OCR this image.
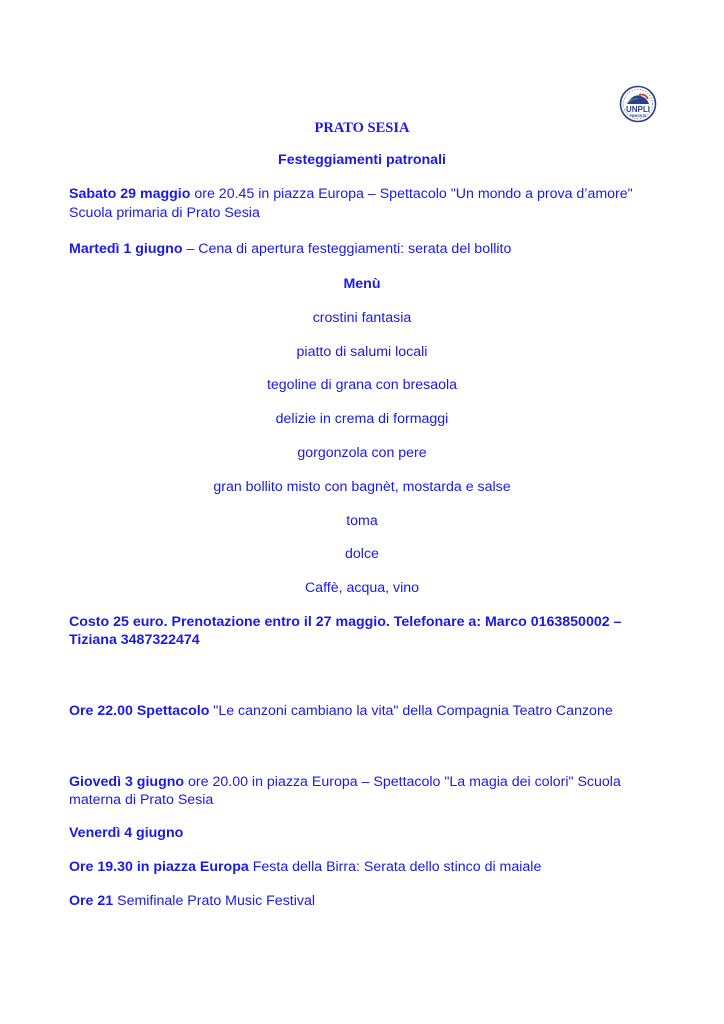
UNPLI
PIEMONTE
PRATO SESIA
Festeggiamenti patronali
Sabato 29 maggio ore 20.45 in piazza Europa – Spettacolo "Un mondo a prova d’amore"
Scuola primaria di Prato Sesia
Martedì 1 giugno – Cena di apertura festeggiamenti: serata del bollito
Menù
crostini fantasia
piatto di salumi locali
tegoline di grana con bresaola
delizie in crema di formaggi
gorgonzola con pere
gran bollito misto con bagnèt, mostarda e salse
toma
dolce
Caffè, acqua, vino
Costo 25 euro. Prenotazione entro il 27 maggio. Telefonare a: Marco 0163850002 –
Tiziana 3487322474
Ore 22.00 Spettacolo "Le canzoni cambiano la vita" della Compagnia Teatro Canzone
Giovedì 3 giugno ore 20.00 in piazza Europa – Spettacolo "La magia dei colori" Scuola
materna di Prato Sesia
Venerdì 4 giugno
Ore 19.30 in piazza Europa Festa della Birra: Serata dello stinco di maiale
Ore 21 Semifinale Prato Music Festival
